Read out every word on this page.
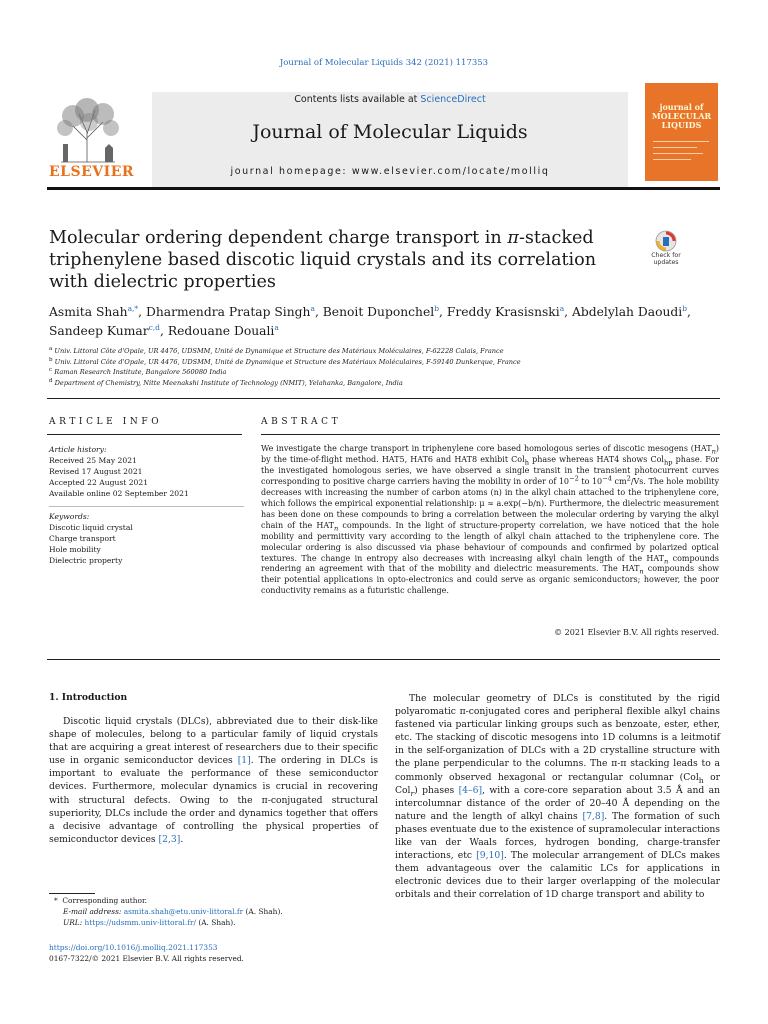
Journal of Molecular Liquids 342 (2021) 117353
ELSEVIER
Contents lists available at ScienceDirect
Journal of Molecular Liquids
journal homepage: www.elsevier.com/locate/molliq
journal of
MOLECULAR
LIQUIDS
Molecular ordering dependent charge transport in π-stacked triphenylene based discotic liquid crystals and its correlation with dielectric properties
Check for
updates
Asmita Shah$^{a,*}$, Dharmendra Pratap Singh$^a$, Benoit Duponchel$^b$, Freddy Krasisnski$^a$, Abdelylah Daoudi$^b$,
Sandeep Kumar$^{c,d}$, Redouane Douali$^a$
$^a$ Univ. Littoral Côte d'Opale, UR 4476, UDSMM, Unité de Dynamique et Structure des Matériaux Moléculaires, F-62228 Calais, France
$^b$ Univ. Littoral Côte d'Opale, UR 4476, UDSMM, Unité de Dynamique et Structure des Matériaux Moléculaires, F-59140 Dunkerque, France
$^c$ Raman Research Institute, Bangalore 560080 India
$^d$ Department of Chemistry, Nitte Meenakshi Institute of Technology (NMIT), Yelahanka, Bangalore, India
ARTICLE INFO
Article history:
Received 25 May 2021
Revised 17 August 2021
Accepted 22 August 2021
Available online 02 September 2021
Keywords:
Discotic liquid crystal
Charge transport
Hole mobility
Dielectric property
ABSTRACT
We investigate the charge transport in triphenylene core based homologous series of discotic mesogens $(HAT_n)$ by the time-of-flight method. HAT5, HAT6 and HAT8 exhibit Col$_h$ phase whereas HAT4 shows Col$_{hp}$ phase. For the investigated homologous series, we have observed a single transit in the transient photocurrent curves corresponding to positive charge carriers having the mobility in order of $10^{-2}$ to $10^{-4}$ $cm^2/Vs$. The hole mobility decreases with increasing the number of carbon atoms (n) in the alkyl chain attached to the triphenylene core, which follows the empirical exponential relationship: μ ≈ a.exp(−b/n). Furthermore, the dielectric measurement has been done on these compounds to bring a correlation between the molecular ordering by varying the alkyl chain of the $HAT_n$ compounds. In the light of structure-property correlation, we have noticed that the hole mobility and permittivity vary according to the length of alkyl chain attached to the triphenylene core. The molecular ordering is also discussed via phase behaviour of compounds and confirmed by polarized optical textures. The change in entropy also decreases with increasing alkyl chain length of the $HAT_n$ compounds rendering an agreement with that of the mobility and dielectric measurements. The $HAT_n$ compounds show their potential applications in opto-electronics and could serve as organic semiconductors; however, the poor conductivity remains as a futuristic challenge.
© 2021 Elsevier B.V. All rights reserved.
1. Introduction
Discotic liquid crystals (DLCs), abbreviated due to their disk-like shape of molecules, belong to a particular family of liquid crystals that are acquiring a great interest of researchers due to their specific use in organic semiconductor devices [1]. The ordering in DLCs is important to evaluate the performance of these semiconductor devices. Furthermore, molecular dynamics is crucial in recovering with structural defects. Owing to the π-conjugated structural superiority, DLCs include the order and dynamics together that offers a decisive advantage of controlling the physical properties of semiconductor devices [2,3].
The molecular geometry of DLCs is constituted by the rigid polyaromatic π-conjugated cores and peripheral flexible alkyl chains fastened via particular linking groups such as benzoate, ester, ether, etc. The stacking of discotic mesogens into 1D columns is a leitmotif in the self-organization of DLCs with a 2D crystalline structure with the plane perpendicular to the columns. The π-π stacking leads to a commonly observed hexagonal or rectangular columnar (Col$_h$ or Col$_r$) phases [4–6], with a core-core separation about 3.5 Å and an intercolumnar distance of the order of 20–40 Å depending on the nature and the length of alkyl chains [7,8]. The formation of such phases eventuate due to the existence of supramolecular interactions like van der Waals forces, hydrogen bonding, charge-transfer interactions, etc [9,10]. The molecular arrangement of DLCs makes them advantageous over the calamitic LCs for applications in electronic devices due to their larger overlapping of the molecular orbitals and their correlation of 1D charge transport and ability to
* Corresponding author.
E-mail address: asmita.shah@etu.univ-littoral.fr (A. Shah).
URL: https://udsmm.univ-littoral.fr/ (A. Shah).
https://doi.org/10.1016/j.molliq.2021.117353
0167-7322/© 2021 Elsevier B.V. All rights reserved.
